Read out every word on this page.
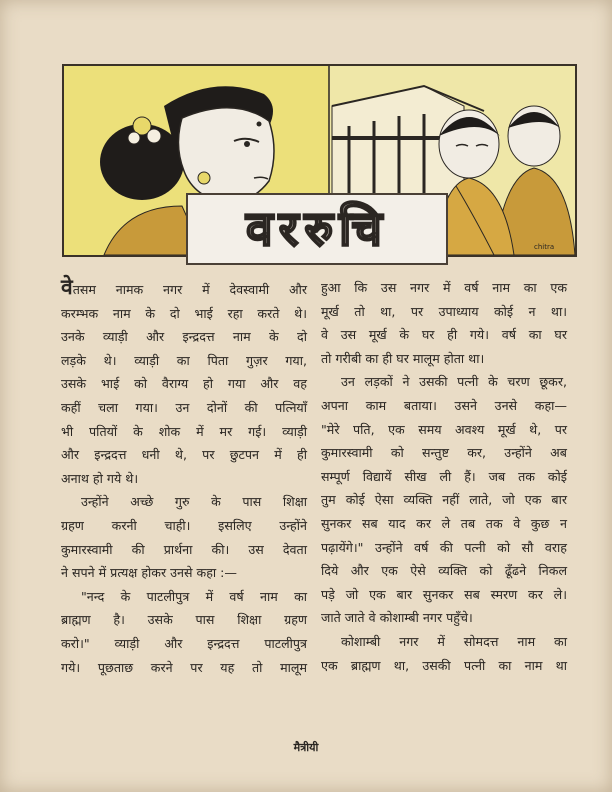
chitra
वररुचि

वेतसम नामक नगर में देवस्वामी और

करम्भक नाम के दो भाई रहा करते थे।

उनके व्याड़ी और इन्द्रदत्त नाम के दो

लड़के थे। व्याड़ी का पिता गुज़र गया,

उसके भाई को वैराग्य हो गया और वह

कहीं चला गया। उन दोनों की पत्नियाँ

भी पतियों के शोक में मर गई। व्याड़ी

और इन्द्रदत्त धनी थे, पर छुटपन में ही

अनाथ हो गये थे।

उन्होंने अच्छे गुरु के पास शिक्षा

ग्रहण करनी चाही। इसलिए उन्होंने

कुमारस्वामी की प्रार्थना की। उस देवता

ने सपने में प्रत्यक्ष होकर उनसे कहा :—

"नन्द के पाटलीपुत्र में वर्ष नाम का

ब्राह्मण है। उसके पास शिक्षा ग्रहण

करो।" व्याड़ी और इन्द्रदत्त पाटलीपुत्र

गये। पूछताछ करने पर यह तो मालूम

हुआ कि उस नगर में वर्ष नाम का एक

मूर्ख तो था, पर उपाध्याय कोई न था।

वे उस मूर्ख के घर ही गये। वर्ष का घर

तो गरीबी का ही घर मालूम होता था।

उन लड़कों ने उसकी पत्नी के चरण छूकर,

अपना काम बताया। उसने उनसे कहा—

"मेरे पति, एक समय अवश्य मूर्ख थे, पर

कुमारस्वामी को सन्तुष्ट कर, उन्होंने अब

सम्पूर्ण विद्यायें सीख ली हैं। जब तक कोई

तुम कोई ऐसा व्यक्ति नहीं लाते, जो एक बार

सुनकर सब याद कर ले तब तक वे कुछ न

पढ़ायेंगे।" उन्होंने वर्ष की पत्नी को सौ वराह

दिये और एक ऐसे व्यक्ति को ढूँढने निकल

पड़े जो एक बार सुनकर सब स्मरण कर ले।

जाते जाते वे कोशाम्बी नगर पहुँचे।

कोशाम्बी नगर में सोमदत्त नाम का

एक ब्राह्मण था, उसकी पत्नी का नाम था

मैत्रीयी
